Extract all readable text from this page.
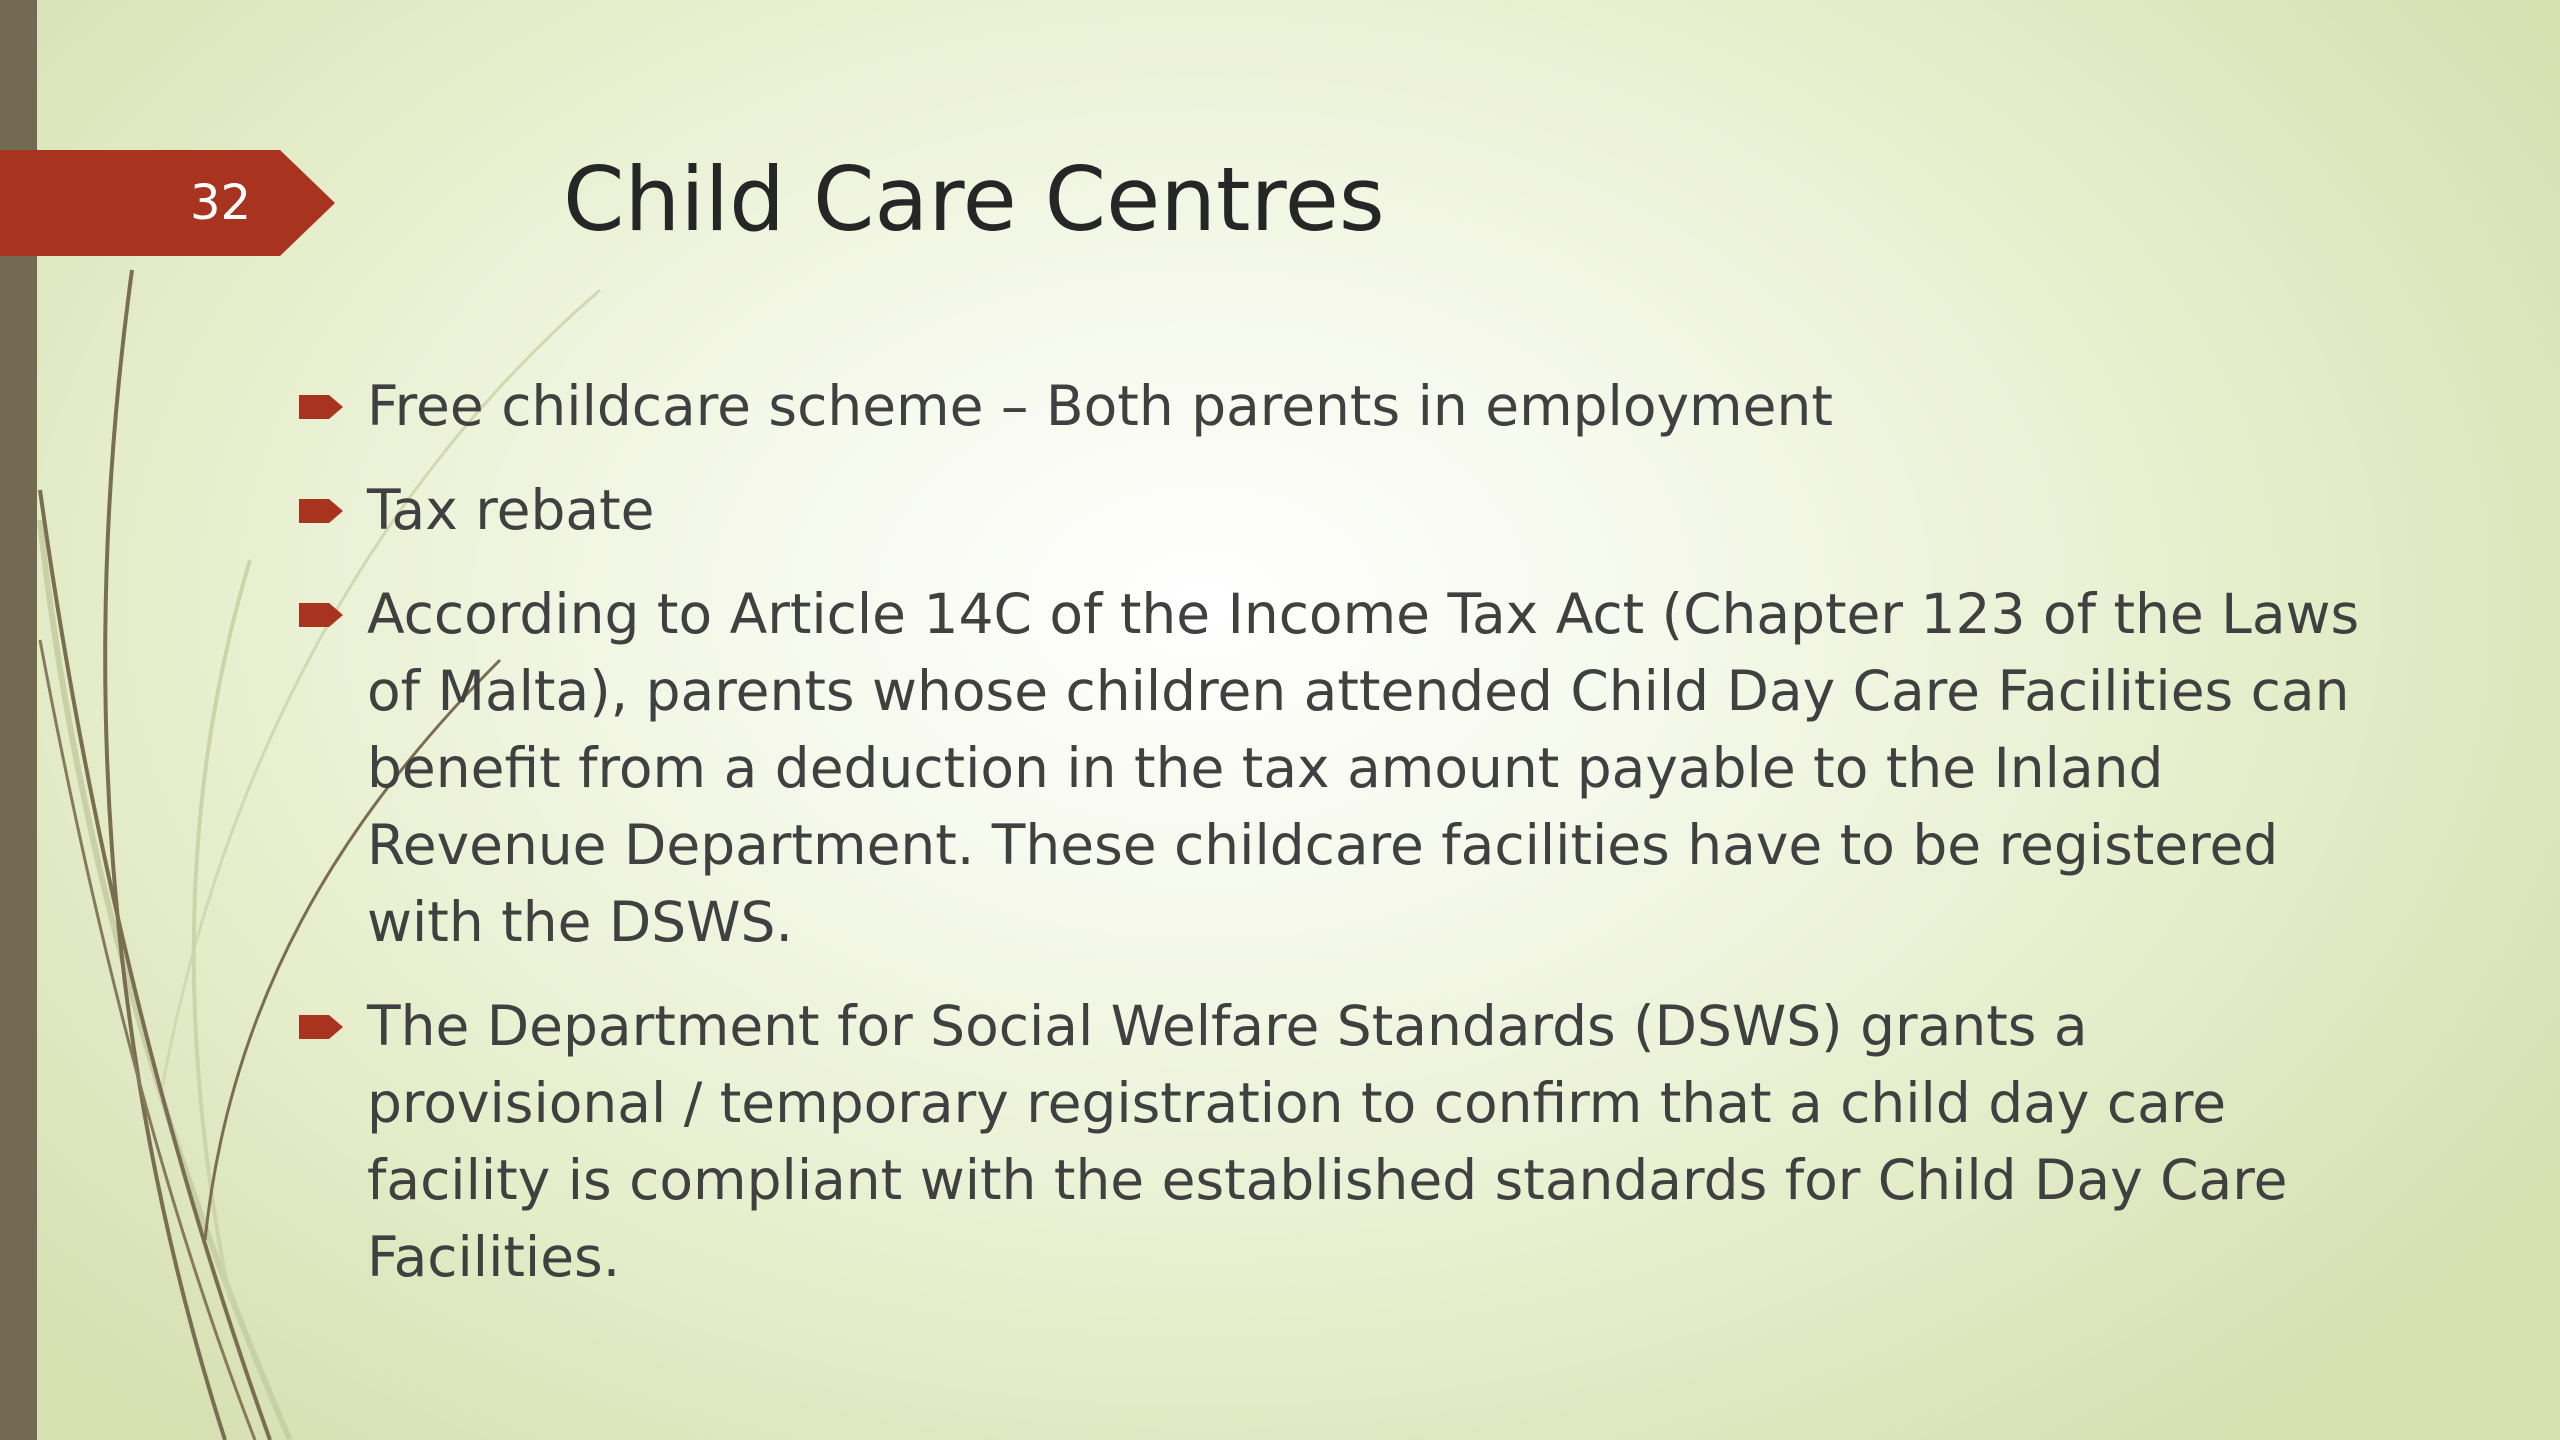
32	Child Care Centres
Free childcare scheme – Both parents in employment
Tax rebate
According to Article 14C of the Income Tax Act (Chapter 123 of the Laws of Malta), parents whose children attended Child Day Care Facilities can benefit from a deduction in the tax amount payable to the Inland Revenue Department. These childcare facilities have to be registered with the DSWS.
The Department for Social Welfare Standards (DSWS) grants a provisional / temporary registration to confirm that a child day care facility is compliant with the established standards for Child Day Care Facilities.
